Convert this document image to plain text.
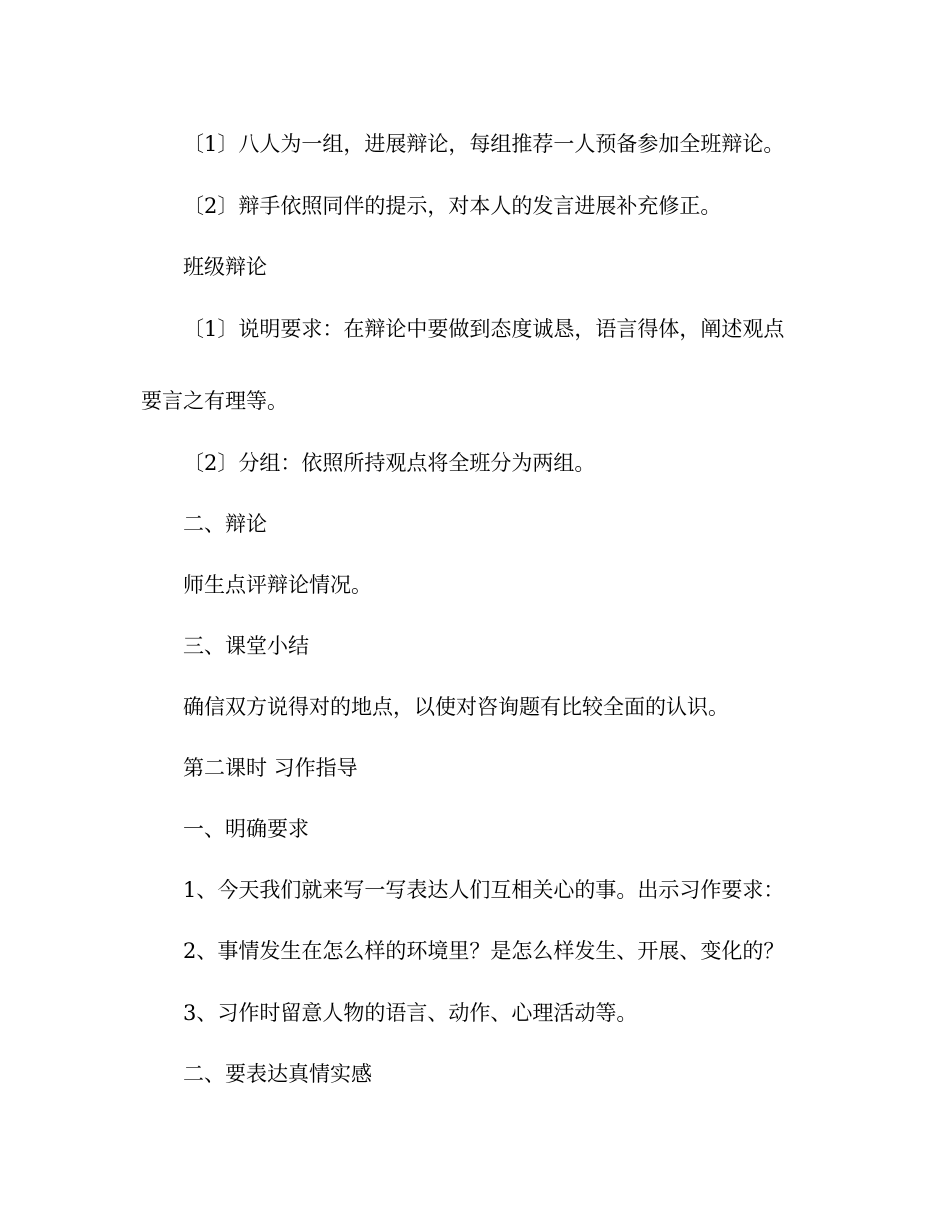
〔1〕八人为一组，进展辩论，每组推荐一人预备参加全班辩论。

〔2〕辩手依照同伴的提示，对本人的发言进展补充修正。

班级辩论

〔1〕说明要求：在辩论中要做到态度诚恳，语言得体，阐述观点

要言之有理等。

〔2〕分组：依照所持观点将全班分为两组。

二、辩论

师生点评辩论情况。

三、课堂小结

确信双方说得对的地点，以使对咨询题有比较全面的认识。

第二课时 习作指导

一、明确要求

1、今天我们就来写一写表达人们互相关心的事。出示习作要求：

2、事情发生在怎么样的环境里？是怎么样发生、开展、变化的？

3、习作时留意人物的语言、动作、心理活动等。

二、要表达真情实感
